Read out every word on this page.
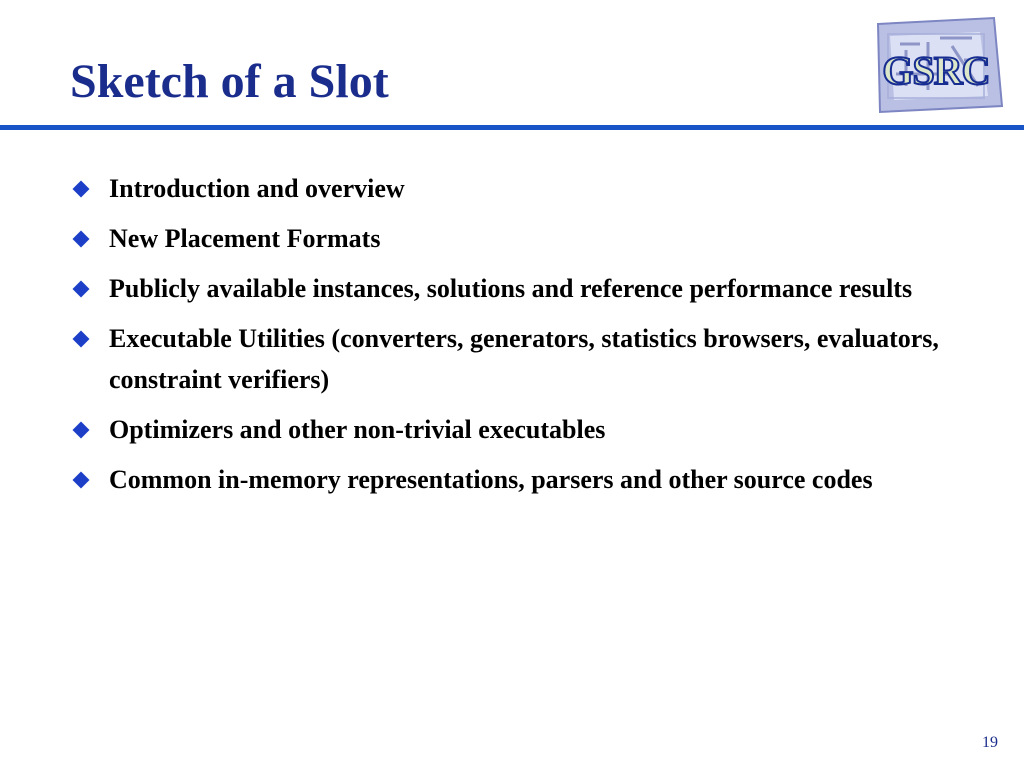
Sketch of a Slot	GSRC
Introduction and overview
New Placement Formats
Publicly available instances, solutions and reference performance results
Executable Utilities (converters, generators, statistics browsers, evaluators, constraint verifiers)
Optimizers and other non-trivial executables
Common in-memory representations, parsers and other source codes
19
